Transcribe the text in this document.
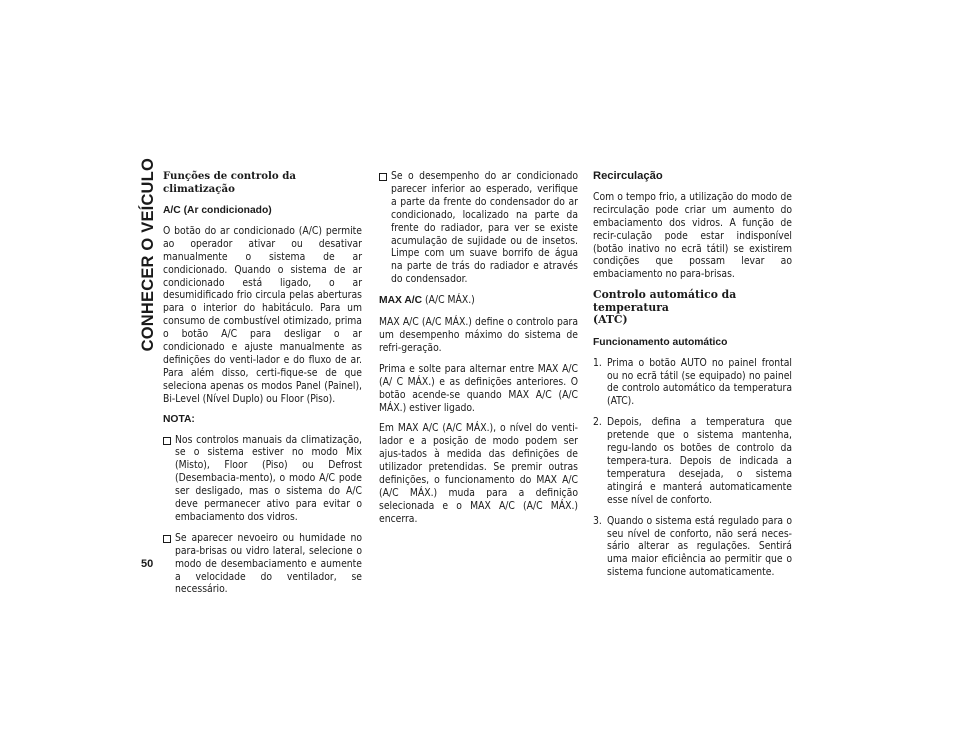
CONHECER O VEÍCULO
50
Funções de controlo da climatização
A/C (Ar condicionado)

O botão do ar condicionado (A/C) permite ao operador ativar ou desativar manualmente o sistema de ar condicionado. Quando o sistema de ar condicionado está ligado, o ar desumidificado frio circula pelas aberturas para o interior do habitáculo. Para um consumo de combustível otimizado, prima o botão A/C para desligar o ar condicionado e ajuste manualmente as definições do venti-lador e do fluxo de ar. Para além disso, certi-fique-se de que seleciona apenas os modos Panel (Painel), Bi-Level (Nível Duplo) ou Floor (Piso).

NOTA:
Nos controlos manuais da climatização, se o sistema estiver no modo Mix (Misto), Floor (Piso) ou Defrost (Desembacia-mento), o modo A/C pode ser desligado, mas o sistema do A/C deve permanecer ativo para evitar o embaciamento dos vidros.
Se aparecer nevoeiro ou humidade no para-brisas ou vidro lateral, selecione o modo de desembaciamento e aumente a velocidade do ventilador, se necessário.
Se o desempenho do ar condicionado parecer inferior ao esperado, verifique a parte da frente do condensador do ar condicionado, localizado na parte da frente do radiador, para ver se existe acumulação de sujidade ou de insetos. Limpe com um suave borrifo de água na parte de trás do radiador e através do condensador.

MAX A/C (A/C MÁX.)

MAX A/C (A/C MÁX.) define o controlo para um desempenho máximo do sistema de refri-geração.

Prima e solte para alternar entre MAX A/C (A/ C MÁX.) e as definições anteriores. O botão acende-se quando MAX A/C (A/C MÁX.) estiver ligado.

Em MAX A/C (A/C MÁX.), o nível do venti-lador e a posição de modo podem ser ajus-tados à medida das definições de utilizador pretendidas. Se premir outras definições, o funcionamento do MAX A/C (A/C MÁX.) muda para a definição selecionada e o MAX A/C (A/C MÁX.) encerra.

Recirculação

Com o tempo frio, a utilização do modo de recirculação pode criar um aumento do embaciamento dos vidros. A função de recir-culação pode estar indisponível (botão inativo no ecrã tátil) se existirem condições que possam levar ao embaciamento no para-brisas.

Controlo automático da temperatura
(ATC)
Funcionamento automático
1. Prima o botão AUTO no painel frontal ou no ecrã tátil (se equipado) no painel de controlo automático da temperatura (ATC).
2. Depois, defina a temperatura que pretende que o sistema mantenha, regu-lando os botões de controlo da tempera-tura. Depois de indicada a temperatura desejada, o sistema atingirá e manterá automaticamente esse nível de conforto.
3. Quando o sistema está regulado para o seu nível de conforto, não será neces-sário alterar as regulações. Sentirá uma maior eficiência ao permitir que o sistema funcione automaticamente.
